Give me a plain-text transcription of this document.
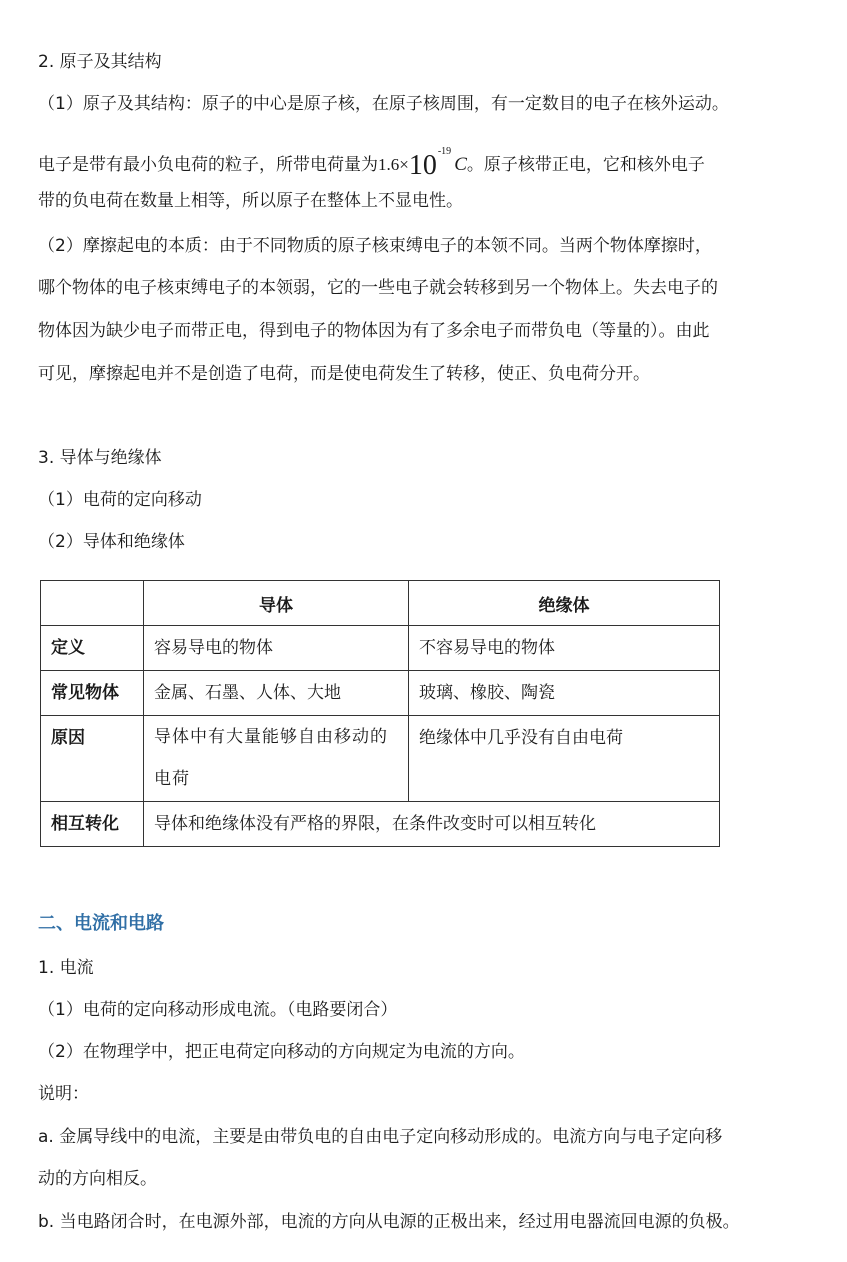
2. 原子及其结构
（1）原子及其结构：原子的中心是原子核，在原子核周围，有一定数目的电子在核外运动。
电子是带有最小负电荷的粒子，所带电荷量为$1.6\times 10^{-19}C$。原子核带正电，它和核外电子
带的负电荷在数量上相等，所以原子在整体上不显电性。
（2）摩擦起电的本质：由于不同物质的原子核束缚电子的本领不同。当两个物体摩擦时，
哪个物体的电子核束缚电子的本领弱，它的一些电子就会转移到另一个物体上。失去电子的
物体因为缺少电子而带正电，得到电子的物体因为有了多余电子而带负电（等量的）。由此
可见，摩擦起电并不是创造了电荷，而是使电荷发生了转移，使正、负电荷分开。
3. 导体与绝缘体
（1）电荷的定向移动
（2）导体和绝缘体
	导体	绝缘体
定义	容易导电的物体	不容易导电的物体
常见物体	金属、石墨、人体、大地	玻璃、橡胶、陶瓷
原因	导体中有大量能够自由移动的电荷	绝缘体中几乎没有自由电荷
相互转化	导体和绝缘体没有严格的界限，在条件改变时可以相互转化	
二、电流和电路
1. 电流
（1）电荷的定向移动形成电流。（电路要闭合）
（2）在物理学中，把正电荷定向移动的方向规定为电流的方向。
说明：
a. 金属导线中的电流，主要是由带负电的自由电子定向移动形成的。电流方向与电子定向移
动的方向相反。
b. 当电路闭合时，在电源外部，电流的方向从电源的正极出来，经过用电器流回电源的负极。
